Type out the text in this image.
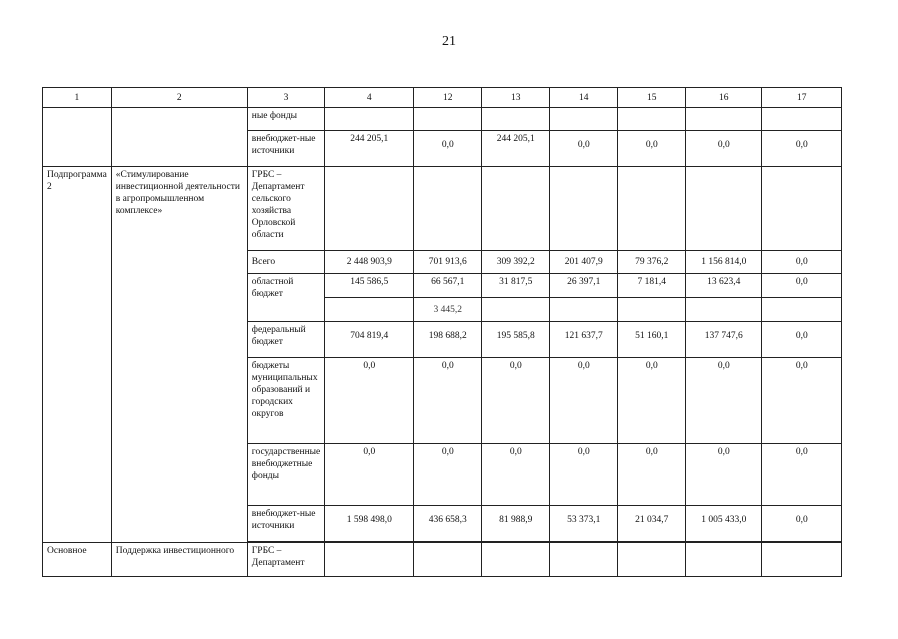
21
1	2	3	4	12	13	14	15	16	17
		ные фонды							
		внебюджет-ные источники	244 205,1	0,0	244 205,1	0,0	0,0	0,0	0,0
Подпрограмма 2	«Стимулирование инвестиционной деятельности в агропромышленном комплексе»	ГРБС – Департамент сельского хозяйства Орловской области							
		Всего	2 448 903,9	701 913,6	309 392,2	201 407,9	79 376,2	1 156 814,0	0,0
		областной бюджет	145 586,5	66 567,1	31 817,5	26 397,1	7 181,4	13 623,4	0,0
				3 445,2					
		федеральный бюджет	704 819,4	198 688,2	195 585,8	121 637,7	51 160,1	137 747,6	0,0
		бюджеты муниципальных образований и городских округов	0,0	0,0	0,0	0,0	0,0	0,0	0,0
		государственные внебюджетные фонды	0,0	0,0	0,0	0,0	0,0	0,0	0,0
		внебюджет-ные источники	1 598 498,0	436 658,3	81 988,9	53 373,1	21 034,7	1 005 433,0	0,0

Основное	Поддержка инвестиционного	ГРБС – Департамент							
